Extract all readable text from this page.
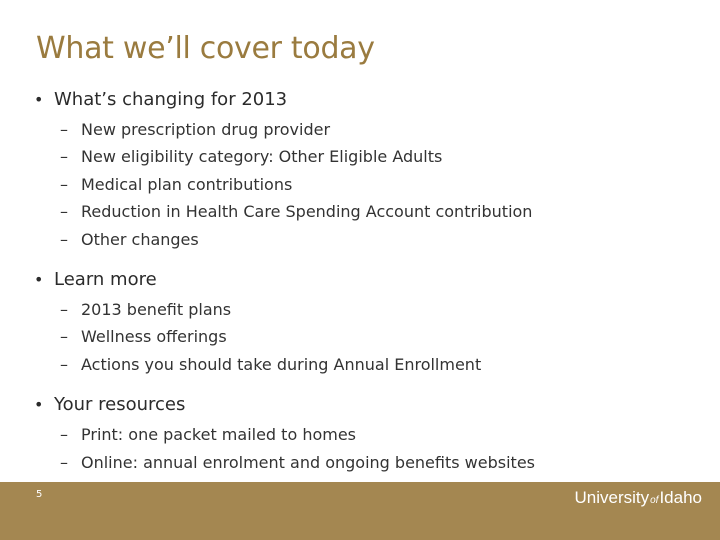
What we’ll cover today
• What’s changing for 2013
– New prescription drug provider
– New eligibility category: Other Eligible Adults
– Medical plan contributions
– Reduction in Health Care Spending Account contribution
– Other changes
• Learn more
– 2013 benefit plans
– Wellness offerings
– Actions you should take during Annual Enrollment
• Your resources
– Print: one packet mailed to homes
– Online: annual enrolment and ongoing benefits websites
5	UniversityofIdaho
